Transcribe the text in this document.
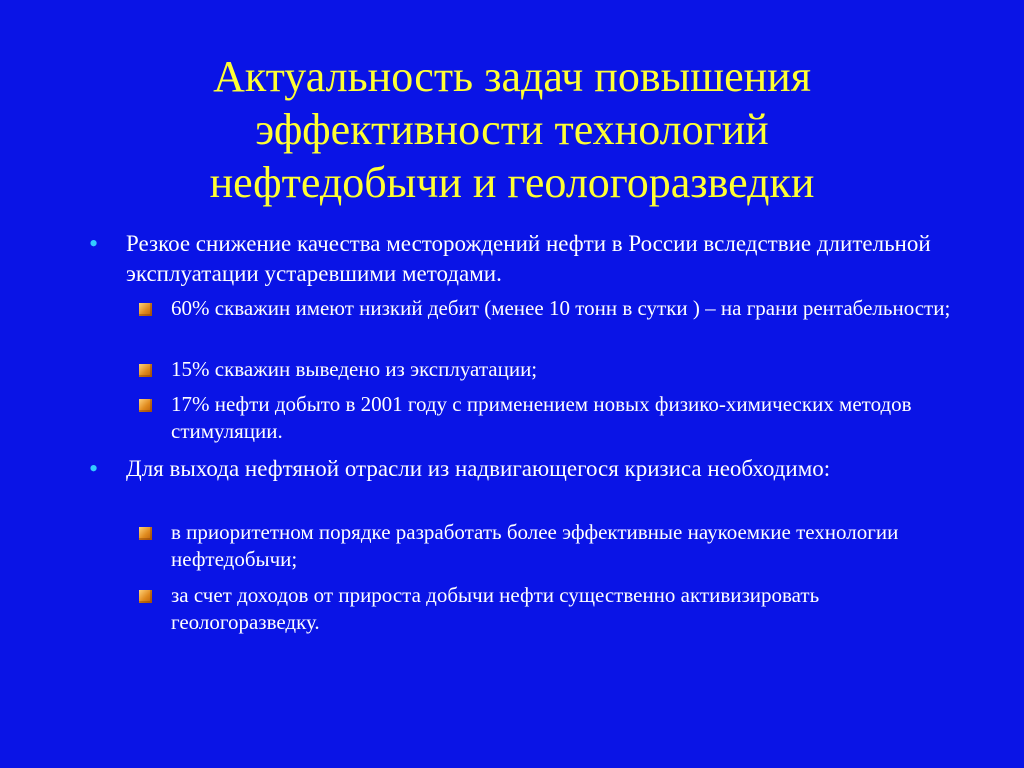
Актуальность задач повышения
эффективности технологий
нефтедобычи и геологоразведки
• Резкое снижение качества месторождений нефти в России вследствие длительной эксплуатации устаревшими методами.
60% скважин имеют низкий дебит (менее 10 тонн в сутки ) – на грани рентабельности;
15% скважин выведено из эксплуатации;
17% нефти добыто в 2001 году с применением новых физико-химических методов стимуляции.
• Для выхода нефтяной отрасли из надвигающегося кризиса необходимо:
в приоритетном порядке разработать более эффективные наукоемкие технологии нефтедобычи;
за счет доходов от прироста добычи нефти существенно активизировать геологоразведку.
